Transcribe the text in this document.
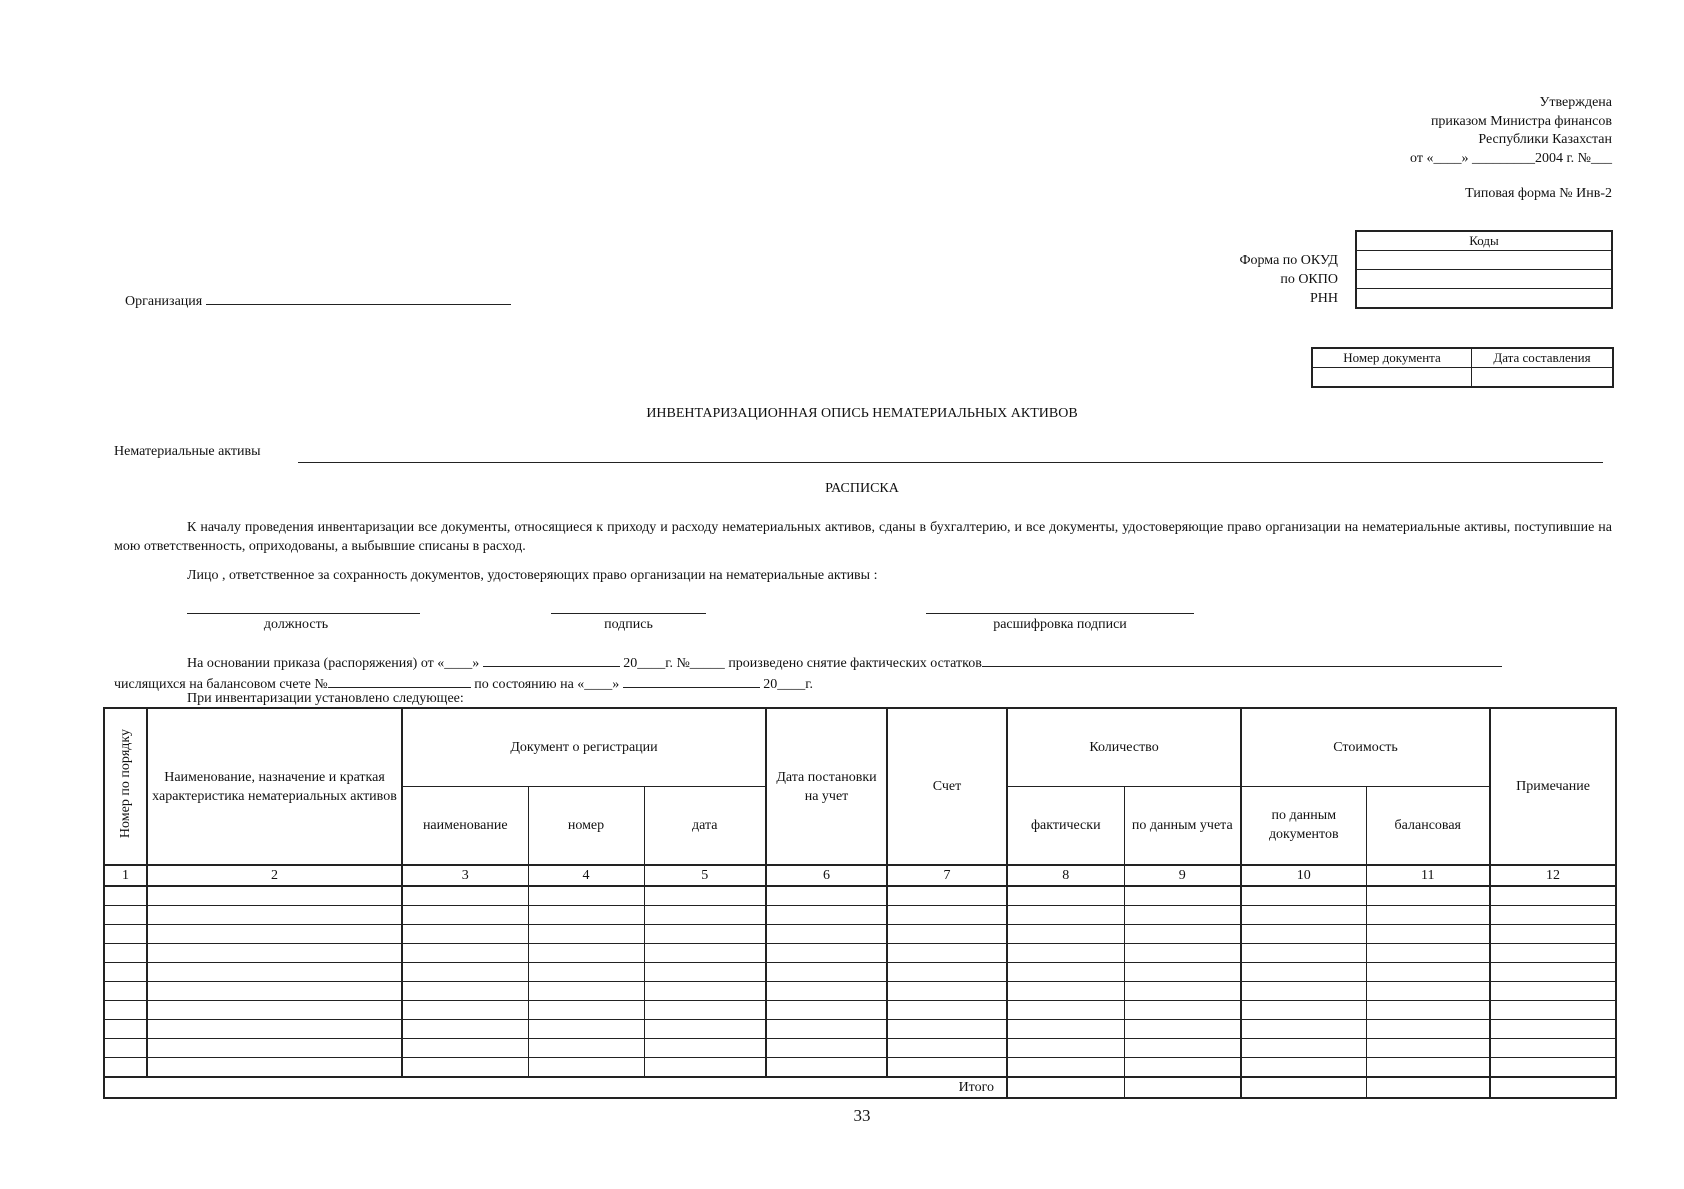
Утверждена
приказом Министра финансов
Республики Казахстан
от «____» _________2004 г. №___
Типовая форма № Инв-2
Форма по ОКУД
по ОКПО
РНН
Коды

Организация
Номер документа	Дата составления

ИНВЕНТАРИЗАЦИОННАЯ ОПИСЬ НЕМАТЕРИАЛЬНЫХ АКТИВОВ
Нематериальные активы
РАСПИСКА

К началу проведения инвентаризации все документы, относящиеся к приходу и расходу нематериальных активов, сданы в бухгалтерию, и все документы, удостоверяющие право организации на нематериальные активы, поступившие на мою ответственность, оприходованы, а выбывшие списаны в расход.

Лицо , ответственное за сохранность документов, удостоверяющих право организации на нематериальные активы :
должность	подпись	расшифровка подписи
На основании приказа (распоряжения) от «____»	20____г. №_____ произведено снятие фактических остатков
числящихся на балансовом счете №	по состоянию на «____»	20____г.
При инвентаризации установлено следующее:
Номер по порядку	Наименование, назначение и краткая характеристика нематериальных активов	Документ о регистрации			Дата постановки на учет	Счет	Количество		Стоимость		Примечание
		наименование	номер	дата			фактически	по данным учета	по данным документов	балансовая	
1	2	3	4	5	6	7	8	9	10	11	12

Итого											
33
